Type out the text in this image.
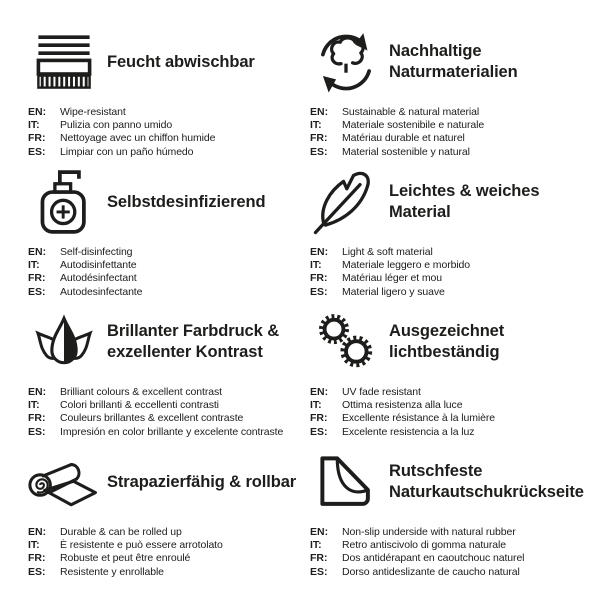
Feucht abwischbar
EN:	Wipe-resistant
IT:	Pulizia con panno umido
FR:	Nettoyage avec un chiffon humide
ES:	Limpiar con un paño húmedo
Nachhaltige Naturmaterialien
EN:	Sustainable & natural material
IT:	Materiale sostenibile e naturale
FR:	Matériau durable et naturel
ES:	Material sostenible y natural
Selbstdesinfizierend
EN:	Self-disinfecting
IT:	Autodisinfettante
FR:	Autodésinfectant
ES:	Autodesinfectante
Leichtes & weiches Material
EN:	Light & soft material
IT:	Materiale leggero e morbido
FR:	Matériau léger et mou
ES:	Material ligero y suave
Brillanter Farbdruck & exzellenter Kontrast
EN:	Brilliant colours & excellent contrast
IT:	Colori brillanti & eccellenti contrasti
FR:	Couleurs brillantes & excellent contraste
ES:	Impresión en color brillante y excelente contraste
Ausgezeichnet lichtbeständig
EN:	UV fade resistant
IT:	Ottima resistenza alla luce
FR:	Excellente résistance à la lumière
ES:	Excelente resistencia a la luz
Strapazierfähig & rollbar
EN:	Durable & can be rolled up
IT:	È resistente e può essere arrotolato
FR:	Robuste et peut être enroulé
ES:	Resistente y enrollable
Rutschfeste Naturkautschukrückseite
EN:	Non-slip underside with natural rubber
IT:	Retro antiscivolo di gomma naturale
FR:	Dos antidérapant en caoutchouc naturel
ES:	Dorso antideslizante de caucho natural
